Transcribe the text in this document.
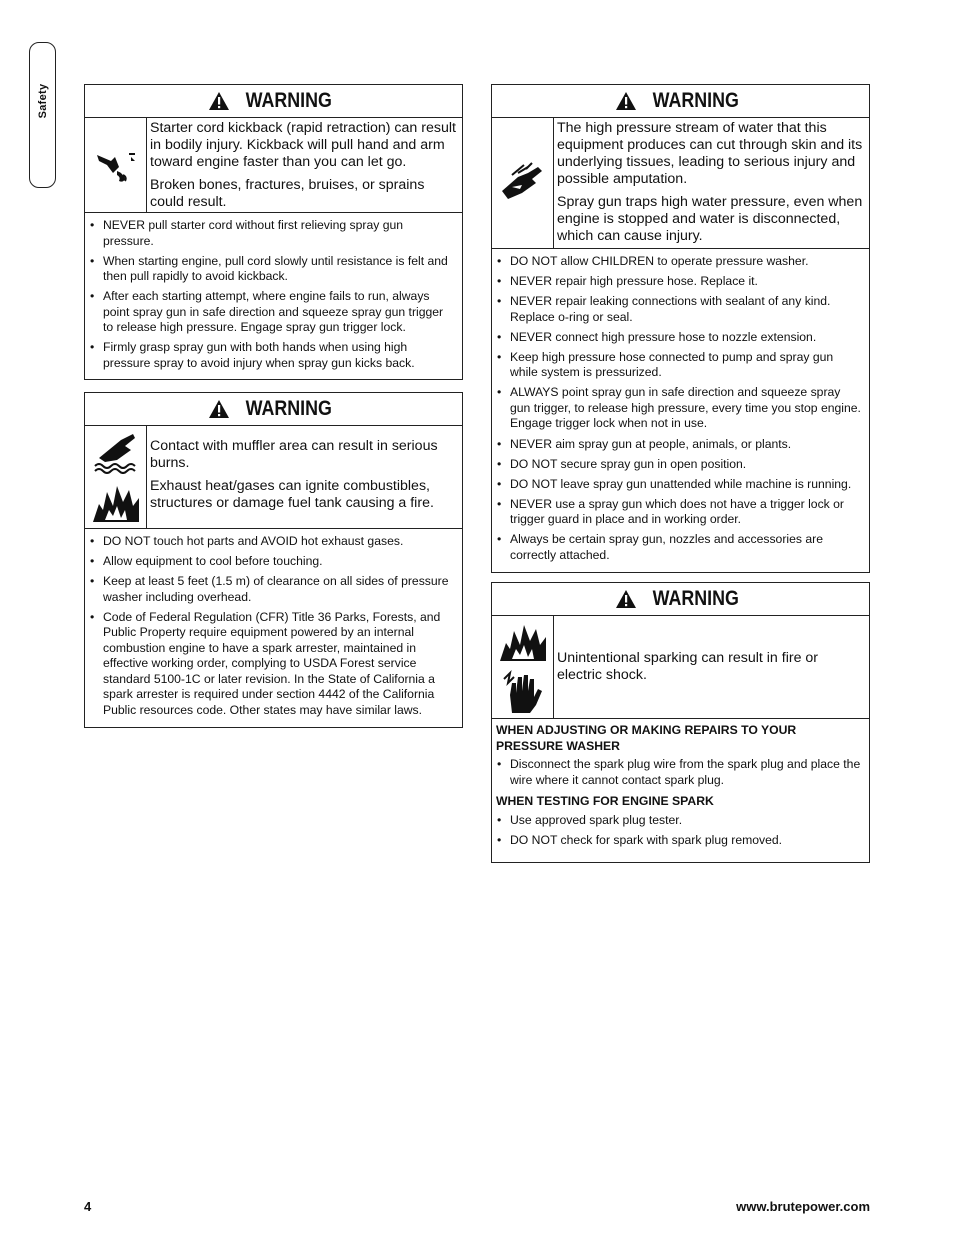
Safety	WARNING

Starter cord kickback (rapid retraction) can result in bodily injury. Kickback will pull hand and arm toward engine faster than you can let go.

Broken bones, fractures, bruises, or sprains could result.

• NEVER pull starter cord without first relieving spray gun pressure.
• When starting engine, pull cord slowly until resistance is felt and then pull rapidly to avoid kickback.
• After each starting attempt, where engine fails to run, always point spray gun in safe direction and squeeze spray gun trigger to release high pressure. Engage spray gun trigger lock.
• Firmly grasp spray gun with both hands when using high pressure spray to avoid injury when spray gun kicks back.
WARNING

Contact with muffler area can result in serious burns.

Exhaust heat/gases can ignite combustibles, structures or damage fuel tank causing a fire.

• DO NOT touch hot parts and AVOID hot exhaust gases.
• Allow equipment to cool before touching.
• Keep at least 5 feet (1.5 m) of clearance on all sides of pressure washer including overhead.
• Code of Federal Regulation (CFR) Title 36 Parks, Forests, and Public Property require equipment powered by an internal combustion engine to have a spark arrester, maintained in effective working order, complying to USDA Forest service standard 5100-1C or later revision. In the State of California a spark arrester is required under section 4442 of the California Public resources code. Other states may have similar laws.
WARNING

The high pressure stream of water that this equipment produces can cut through skin and its underlying tissues, leading to serious injury and possible amputation.

Spray gun traps high water pressure, even when engine is stopped and water is disconnected, which can cause injury.

• DO NOT allow CHILDREN to operate pressure washer.
• NEVER repair high pressure hose. Replace it.
• NEVER repair leaking connections with sealant of any kind. Replace o-ring or seal.
• NEVER connect high pressure hose to nozzle extension.
• Keep high pressure hose connected to pump and spray gun while system is pressurized.
• ALWAYS point spray gun in safe direction and squeeze spray gun trigger, to release high pressure, every time you stop engine. Engage trigger lock when not in use.
• NEVER aim spray gun at people, animals, or plants.
• DO NOT secure spray gun in open position.
• DO NOT leave spray gun unattended while machine is running.
• NEVER use a spray gun which does not have a trigger lock or trigger guard in place and in working order.
• Always be certain spray gun, nozzles and accessories are correctly attached.
WARNING

Unintentional sparking can result in fire or electric shock.

WHEN ADJUSTING OR MAKING REPAIRS TO YOUR PRESSURE WASHER
• Disconnect the spark plug wire from the spark plug and place the wire where it cannot contact spark plug.
WHEN TESTING FOR ENGINE SPARK
• Use approved spark plug tester.
• DO NOT check for spark with spark plug removed.
4	www.brutepower.com
